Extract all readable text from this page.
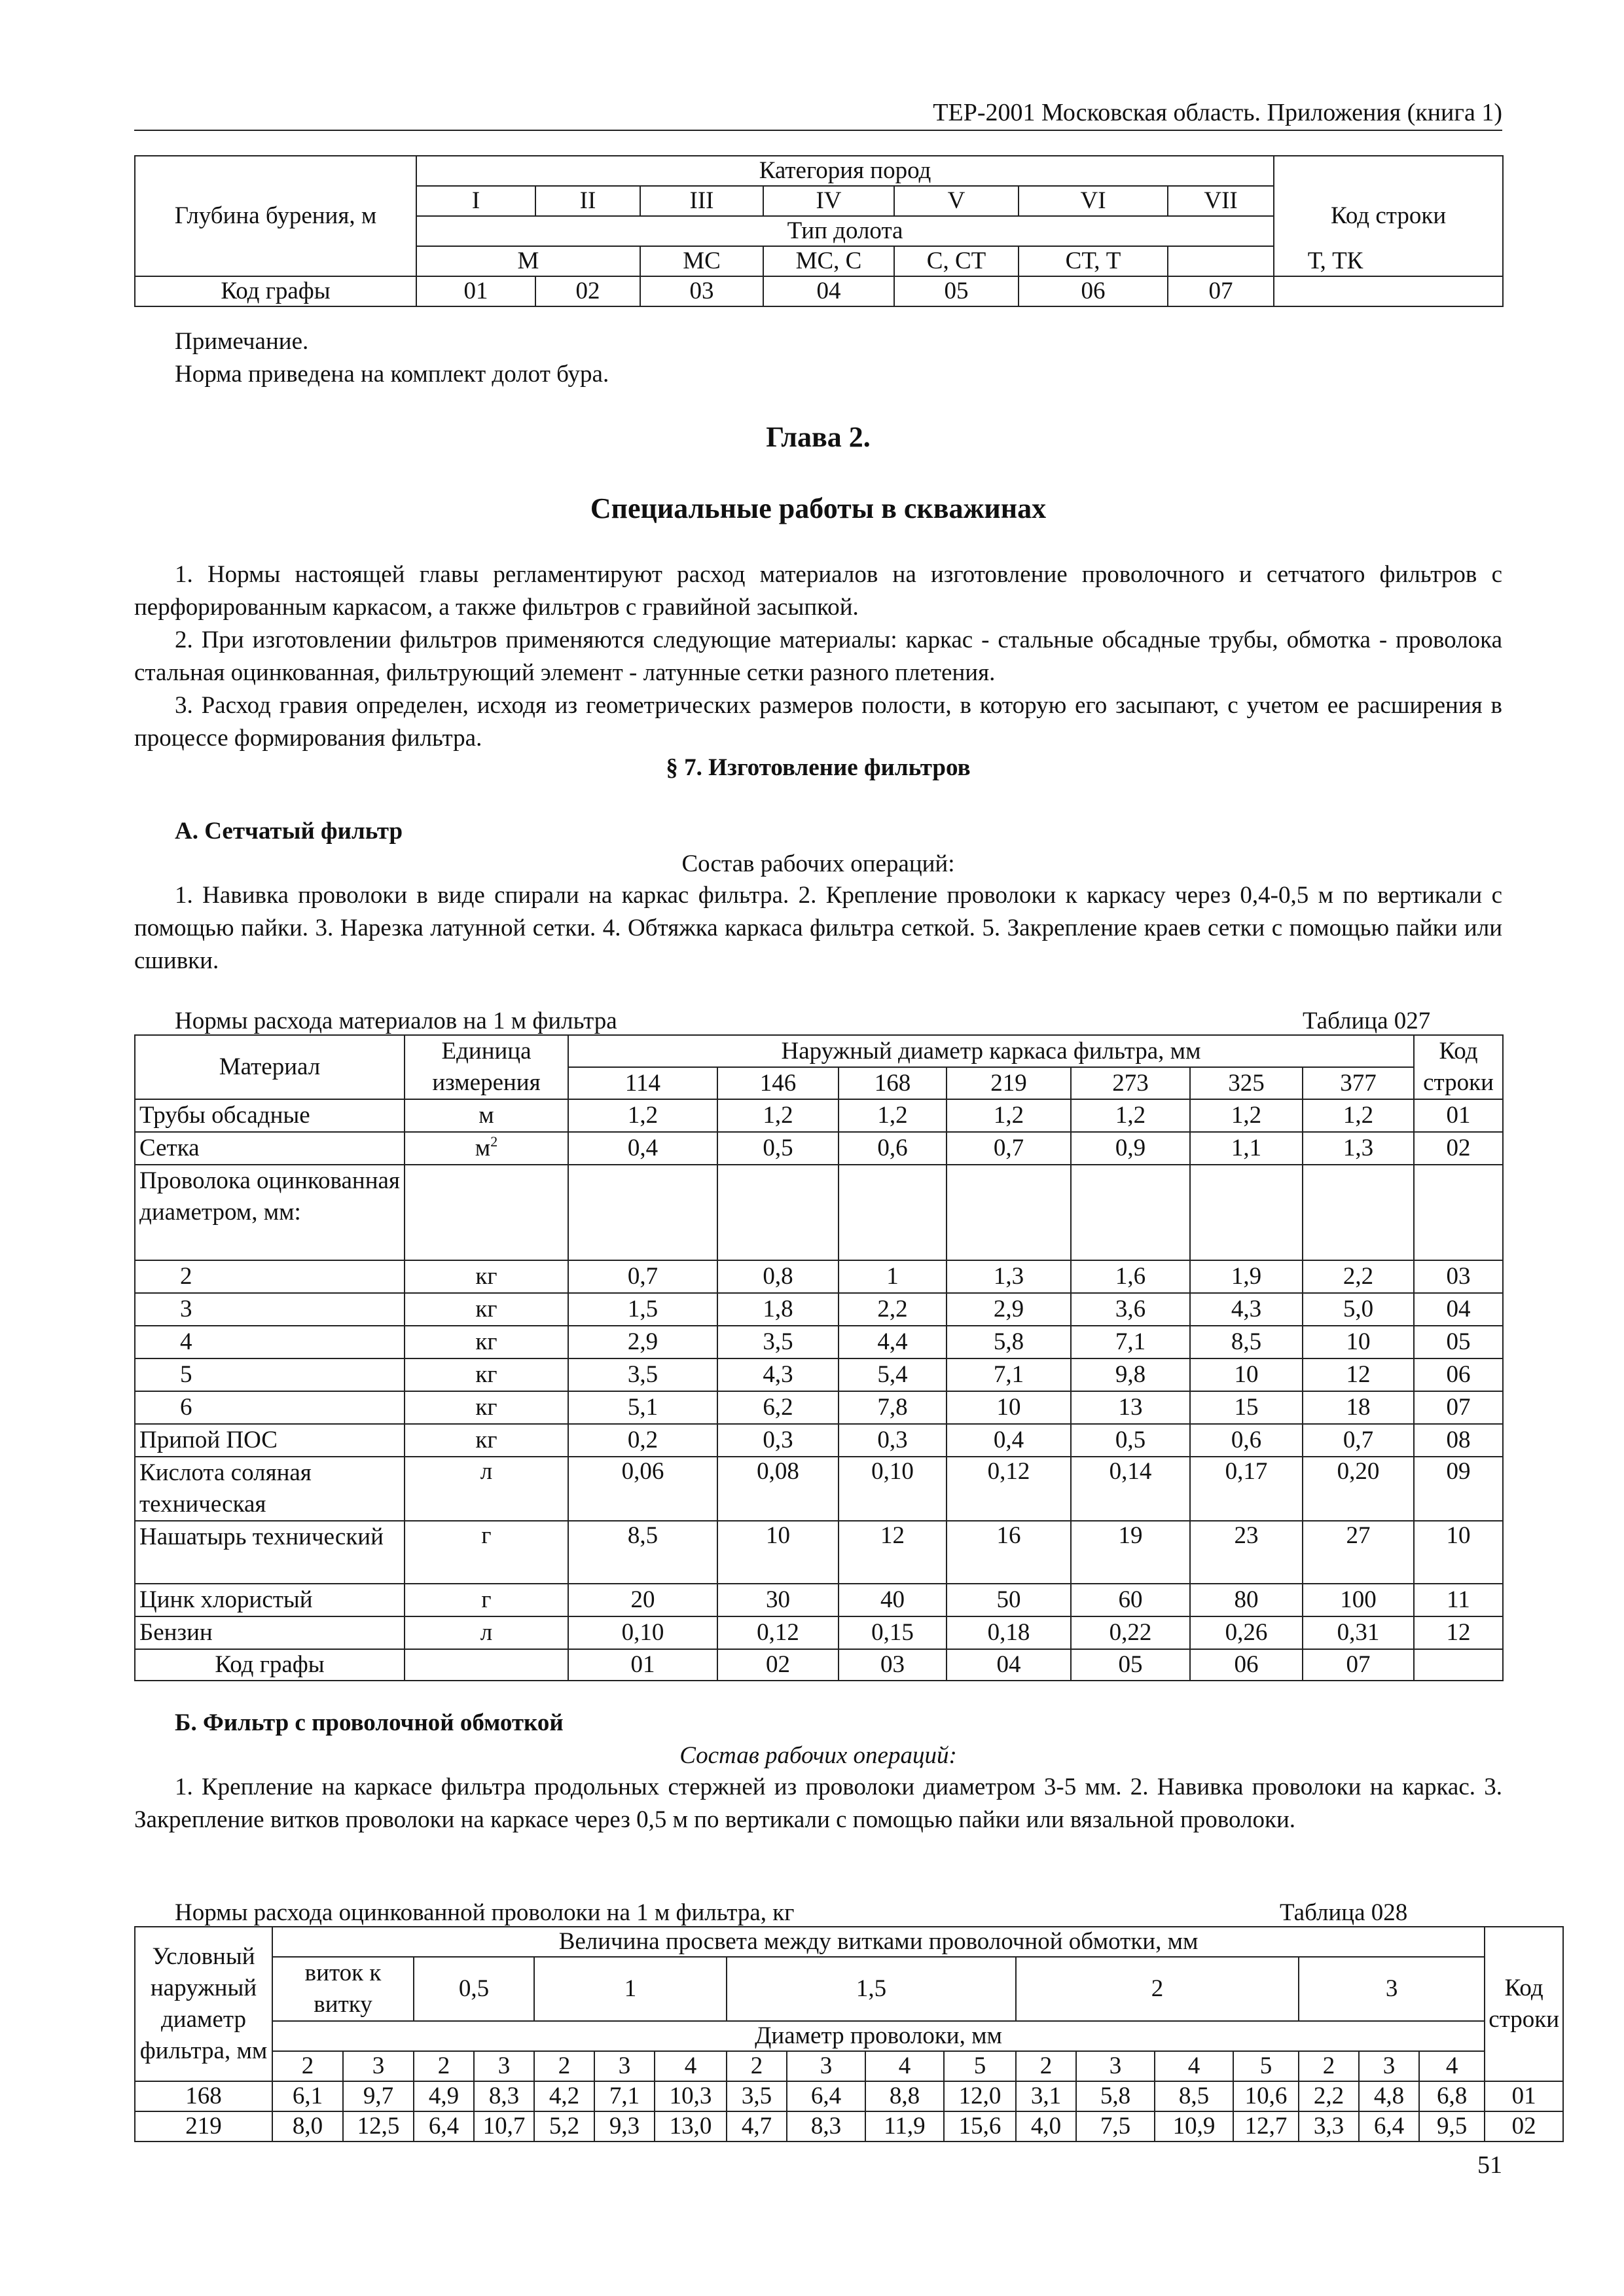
ТЕР-2001 Московская область. Приложения (книга 1)
Глубина бурения, м	Категория пород							Код строки
	I	II	III	IV	V	VI	VII	
	Тип долота							
	М		МС	МС, С	С, СТ	СТ, Т	Т, ТК	
Код графы	01	02	03	04	05	06	07	
Примечание.
Норма приведена на комплект долот бура.
Глава 2.
Специальные работы в скважинах
1. Нормы настоящей главы регламентируют расход материалов на изготовление проволочного и сетчатого фильтров с перфорированным каркасом, а также фильтров с гравийной засыпкой.
2. При изготовлении фильтров применяются следующие материалы: каркас - стальные обсадные трубы, обмотка - проволока стальная оцинкованная, фильтрующий элемент - латунные сетки разного плетения.
3. Расход гравия определен, исходя из геометрических размеров полости, в которую его засыпают, с учетом ее расширения в процессе формирования фильтра.
§ 7. Изготовление фильтров
А. Сетчатый фильтр
Состав рабочих операций:
1. Навивка проволоки в виде спирали на каркас фильтра. 2. Крепление проволоки к каркасу через 0,4-0,5 м по вертикали с помощью пайки. 3. Нарезка латунной сетки. 4. Обтяжка каркаса фильтра сеткой. 5. Закрепление краев сетки с помощью пайки или сшивки.
Нормы расхода материалов на 1 м фильтра	Таблица 027
Материал	Единица измерения	Наружный диаметр каркаса фильтра, мм							Код строки
		114	146	168	219	273	325	377	
Трубы обсадные	м	1,2	1,2	1,2	1,2	1,2	1,2	1,2	01
Сетка	$м^2$	0,4	0,5	0,6	0,7	0,9	1,1	1,3	02
Проволока оцинкованная диаметром, мм:									
2	кг	0,7	0,8	1	1,3	1,6	1,9	2,2	03
3	кг	1,5	1,8	2,2	2,9	3,6	4,3	5,0	04
4	кг	2,9	3,5	4,4	5,8	7,1	8,5	10	05
5	кг	3,5	4,3	5,4	7,1	9,8	10	12	06
6	кг	5,1	6,2	7,8	10	13	15	18	07
Припой ПОС	кг	0,2	0,3	0,3	0,4	0,5	0,6	0,7	08
Кислота соляная техническая	л	0,06	0,08	0,10	0,12	0,14	0,17	0,20	09
Нашатырь технический	г	8,5	10	12	16	19	23	27	10
Цинк хлористый	г	20	30	40	50	60	80	100	11
Бензин	л	0,10	0,12	0,15	0,18	0,22	0,26	0,31	12
Код графы		01	02	03	04	05	06	07	
Б. Фильтр с проволочной обмоткой
Состав рабочих операций:
1. Крепление на каркасе фильтра продольных стержней из проволоки диаметром 3-5 мм. 2. Навивка проволоки на каркас. 3. Закрепление витков проволоки на каркасе через 0,5 м по вертикали с помощью пайки или вязальной проволоки.
Нормы расхода оцинкованной проволоки на 1 м фильтра, кг	Таблица 028
Условный наружный диаметр фильтра, мм	Величина просвета между витками проволочной обмотки, мм																		Код строки
	виток к витку		0,5		1			1,5				2				3			
	Диаметр проволоки, мм																		
	2	3	2	3	2	3	4	2	3	4	5	2	3	4	5	2	3	4	
168	6,1	9,7	4,9	8,3	4,2	7,1	10,3	3,5	6,4	8,8	12,0	3,1	5,8	8,5	10,6	2,2	4,8	6,8	01
219	8,0	12,5	6,4	10,7	5,2	9,3	13,0	4,7	8,3	11,9	15,6	4,0	7,5	10,9	12,7	3,3	6,4	9,5	02
51
